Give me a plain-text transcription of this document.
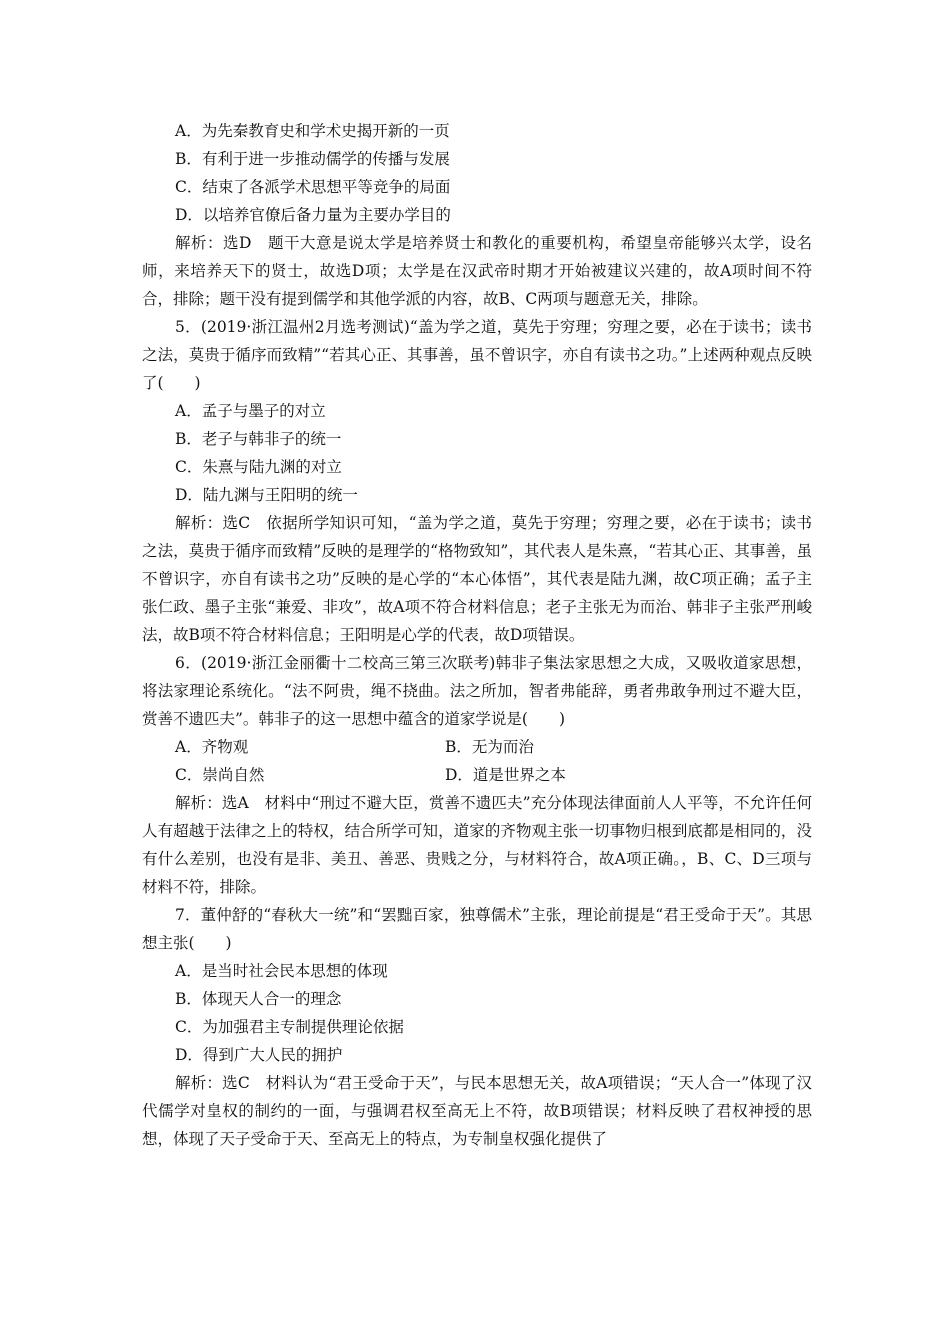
A．为先秦教育史和学术史揭开新的一页
B．有利于进一步推动儒学的传播与发展
C．结束了各派学术思想平等竞争的局面
D．以培养官僚后备力量为主要办学目的
解析：选D　题干大意是说太学是培养贤士和教化的重要机构，希望皇帝能够兴太学，设名师，来培养天下的贤士，故选D项；太学是在汉武帝时期才开始被建议兴建的，故A项时间不符合，排除；题干没有提到儒学和其他学派的内容，故B、C两项与题意无关，排除。
5．(2019·浙江温州2月选考测试)“盖为学之道，莫先于穷理；穷理之要，必在于读书；读书之法，莫贵于循序而致精”“若其心正、其事善，虽不曾识字，亦自有读书之功。”上述两种观点反映了(　　)
A．孟子与墨子的对立
B．老子与韩非子的统一
C．朱熹与陆九渊的对立
D．陆九渊与王阳明的统一
解析：选C　依据所学知识可知，“盖为学之道，莫先于穷理；穷理之要，必在于读书；读书之法，莫贵于循序而致精”反映的是理学的“格物致知”，其代表人是朱熹，“若其心正、其事善，虽不曾识字，亦自有读书之功”反映的是心学的“本心体悟”，其代表是陆九渊，故C项正确；孟子主张仁政、墨子主张“兼爱、非攻”，故A项不符合材料信息；老子主张无为而治、韩非子主张严刑峻法，故B项不符合材料信息；王阳明是心学的代表，故D项错误。
6．(2019·浙江金丽衢十二校高三第三次联考)韩非子集法家思想之大成，又吸收道家思想，将法家理论系统化。“法不阿贵，绳不挠曲。法之所加，智者弗能辞，勇者弗敢争刑过不避大臣，赏善不遗匹夫”。韩非子的这一思想中蕴含的道家学说是(　　)
A．齐物观	B．无为而治
C．崇尚自然	D．道是世界之本
解析：选A　材料中“刑过不避大臣，赏善不遗匹夫”充分体现法律面前人人平等，不允许任何人有超越于法律之上的特权，结合所学可知，道家的齐物观主张一切事物归根到底都是相同的，没有什么差别，也没有是非、美丑、善恶、贵贱之分，与材料符合，故A项正确。，B、C、D三项与材料不符，排除。
7．董仲舒的“春秋大一统”和“罢黜百家，独尊儒术”主张，理论前提是“君王受命于天”。其思想主张(　　)
A．是当时社会民本思想的体现
B．体现天人合一的理念
C．为加强君主专制提供理论依据
D．得到广大人民的拥护
解析：选C　材料认为“君王受命于天”，与民本思想无关，故A项错误；“天人合一”体现了汉代儒学对皇权的制约的一面，与强调君权至高无上不符，故B项错误；材料反映了君权神授的思想，体现了天子受命于天、至高无上的特点，为专制皇权强化提供了
